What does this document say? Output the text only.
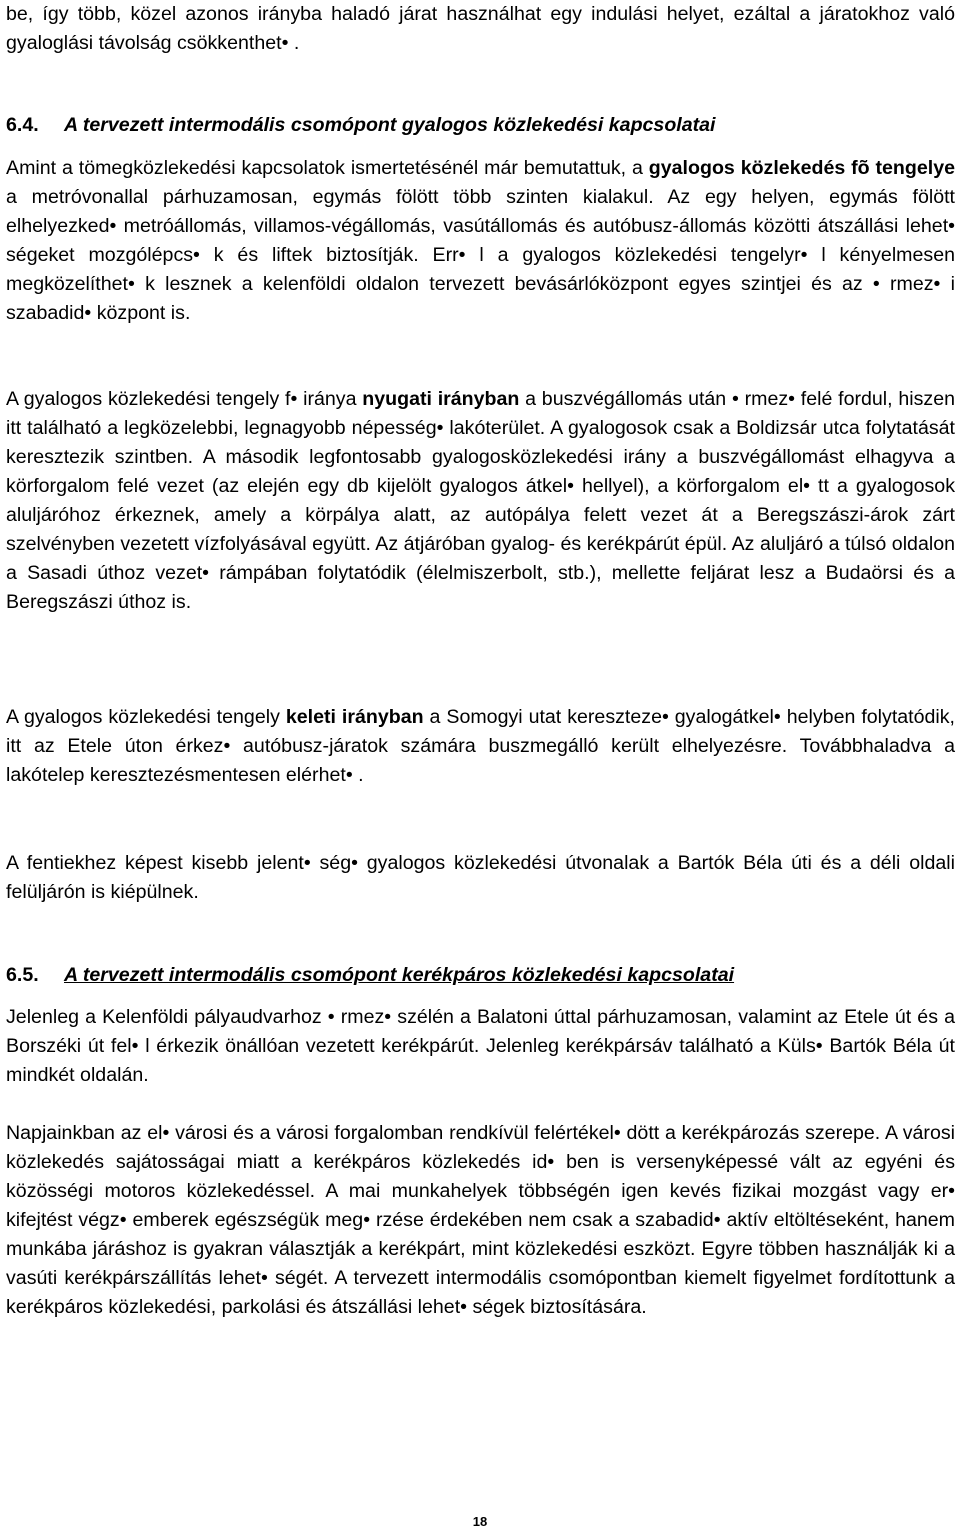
be, így több, közel azonos irányba haladó járat használhat egy indulási helyet, ezáltal a járatokhoz való gyaloglási távolság csökkenthet• .

6.4. A tervezett intermodális csomópont gyalogos közlekedési kapcsolatai

Amint a tömegközlekedési kapcsolatok ismertetésénél már bemutattuk, a gyalogos közlekedés fõ tengelye a metróvonallal párhuzamosan, egymás fölött több szinten kialakul. Az egy helyen, egymás fölött elhelyezked• metróállomás, villamos-végállomás, vasútállomás és autóbusz-állomás közötti átszállási lehet• ségeket mozgólépcs• k és liftek biztosítják. Err• l a gyalogos közlekedési tengelyr• l kényelmesen megközelíthet• k lesznek a kelenföldi oldalon tervezett bevásárlóközpont egyes szintjei és az • rmez• i szabadid• központ is.

A gyalogos közlekedési tengely f• iránya nyugati irányban a buszvégállomás után • rmez• felé fordul, hiszen itt található a legközelebbi, legnagyobb népesség• lakóterület. A gyalogosok csak a Boldizsár utca folytatását keresztezik szintben. A második legfontosabb gyalogosközlekedési irány a buszvégállomást elhagyva a körforgalom felé vezet (az elején egy db kijelölt gyalogos átkel• hellyel), a körforgalom el• tt a gyalogosok aluljáróhoz érkeznek, amely a körpálya alatt, az autópálya felett vezet át a Beregszászi-árok zárt szelvényben vezetett vízfolyásával együtt. Az átjáróban gyalog- és kerékpárút épül. Az aluljáró a túlsó oldalon a Sasadi úthoz vezet• rámpában folytatódik (élelmiszerbolt, stb.), mellette feljárat lesz a Budaörsi és a Beregszászi úthoz is.

A gyalogos közlekedési tengely keleti irányban a Somogyi utat kereszteze• gyalogátkel• helyben folytatódik, itt az Etele úton érkez• autóbusz-járatok számára buszmegálló került elhelyezésre. Továbbhaladva a lakótelep keresztezésmentesen elérhet• .

A fentiekhez képest kisebb jelent• ség• gyalogos közlekedési útvonalak a Bartók Béla úti és a déli oldali felüljárón is kiépülnek.

6.5. A tervezett intermodális csomópont kerékpáros közlekedési kapcsolatai

Jelenleg a Kelenföldi pályaudvarhoz • rmez• szélén a Balatoni úttal párhuzamosan, valamint az Etele út és a Borszéki út fel• l érkezik önállóan vezetett kerékpárút. Jelenleg kerékpársáv található a Küls• Bartók Béla út mindkét oldalán.

Napjainkban az el• városi és a városi forgalomban rendkívül felértékel• dött a kerékpározás szerepe. A városi közlekedés sajátosságai miatt a kerékpáros közlekedés id• ben is versenyképessé vált az egyéni és közösségi motoros közlekedéssel. A mai munkahelyek többségén igen kevés fizikai mozgást vagy er• kifejtést végz• emberek egészségük meg• rzése érdekében nem csak a szabadid• aktív eltöltéseként, hanem munkába járáshoz is gyakran választják a kerékpárt, mint közlekedési eszközt. Egyre többen használják ki a vasúti kerékpárszállítás lehet• ségét. A tervezett intermodális csomópontban kiemelt figyelmet fordítottunk a kerékpáros közlekedési, parkolási és átszállási lehet• ségek biztosítására.

18
